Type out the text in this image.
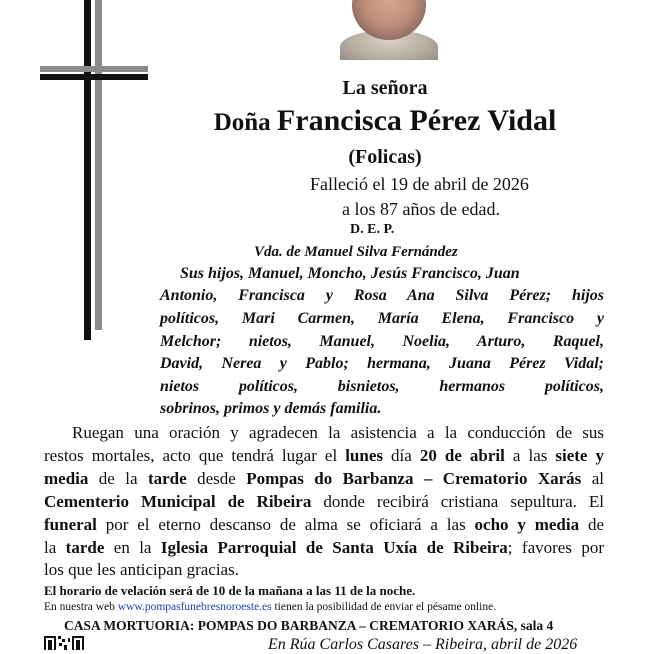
La señora
Doña Francisca Pérez Vidal
(Folicas)
Falleció el 19 de abril de 2026
a los 87 años de edad.
D. E. P.
Vda. de Manuel Silva Fernández
Sus hijos, Manuel, Moncho, Jesús Francisco, Juan
Antonio, Francisca y Rosa Ana Silva Pérez; hijos
políticos, Mari Carmen, María Elena, Francisco y
Melchor; nietos, Manuel, Noelia, Arturo, Raquel,
David, Nerea y Pablo; hermana, Juana Pérez Vidal;
nietos políticos, bisnietos, hermanos políticos,
sobrinos, primos y demás familia.
Ruegan una oración y agradecen la asistencia a la conducción de sus
restos mortales, acto que tendrá lugar el lunes día 20 de abril a las siete y
media de la tarde desde Pompas do Barbanza – Crematorio Xarás al
Cementerio Municipal de Ribeira donde recibirá cristiana sepultura. El
funeral por el eterno descanso de alma se oficiará a las ocho y media de
la tarde en la Iglesia Parroquial de Santa Uxía de Ribeira; favores por
los que les anticipan gracias.
El horario de velación será de 10 de la mañana a las 11 de la noche.
En nuestra web www.pompasfunebresnoroeste.es tienen la posibilidad de enviar el pésame online.
CASA MORTUORIA: POMPAS DO BARBANZA – CREMATORIO XARÁS, sala 4
En Rúa Carlos Casares – Ribeira, abril de 2026
